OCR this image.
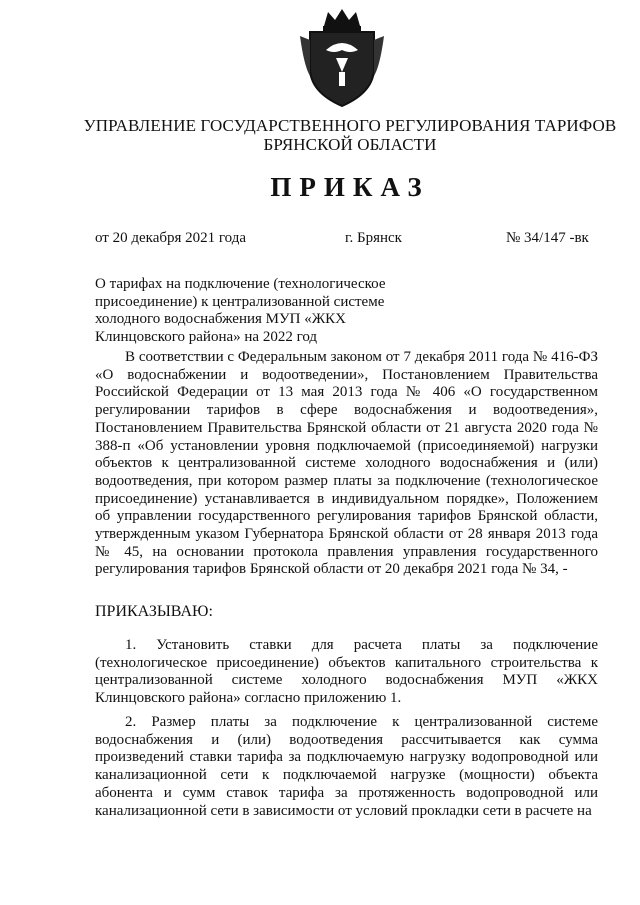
УПРАВЛЕНИЕ ГОСУДАРСТВЕННОГО РЕГУЛИРОВАНИЯ ТАРИФОВ
БРЯНСКОЙ ОБЛАСТИ
ПРИКАЗ
от 20 декабря 2021 года	г. Брянск	№ 34/147 -вк
О тарифах на подключение (технологическое присоединение) к централизованной системе холодного водоснабжения МУП «ЖКХ Клинцовского района» на 2022 год

В соответствии с Федеральным законом от 7 декабря 2011 года № 416-ФЗ «О водоснабжении и водоотведении», Постановлением Правительства Российской Федерации от 13 мая 2013 года № 406 «О государственном регулировании тарифов в сфере водоснабжения и водоотведения», Постановлением Правительства Брянской области от 21 августа 2020 года № 388-п «Об установлении уровня подключаемой (присоединяемой) нагрузки объектов к централизованной системе холодного водоснабжения и (или) водоотведения, при котором размер платы за подключение (технологическое присоединение) устанавливается в индивидуальном порядке», Положением об управлении государственного регулирования тарифов Брянской области, утвержденным указом Губернатора Брянской области от 28 января 2013 года № 45, на основании протокола правления управления государственного регулирования тарифов Брянской области от 20 декабря 2021 года № 34, -

ПРИКАЗЫВАЮ:

1. Установить ставки для расчета платы за подключение (технологическое присоединение) объектов капитального строительства к централизованной системе холодного водоснабжения МУП «ЖКХ Клинцовского района» согласно приложению 1.

2. Размер платы за подключение к централизованной системе водоснабжения и (или) водоотведения рассчитывается как сумма произведений ставки тарифа за подключаемую нагрузку водопроводной или канализационной сети к подключаемой нагрузке (мощности) объекта абонента и сумм ставок тарифа за протяженность водопроводной или канализационной сети в зависимости от условий прокладки сети в расчете на
